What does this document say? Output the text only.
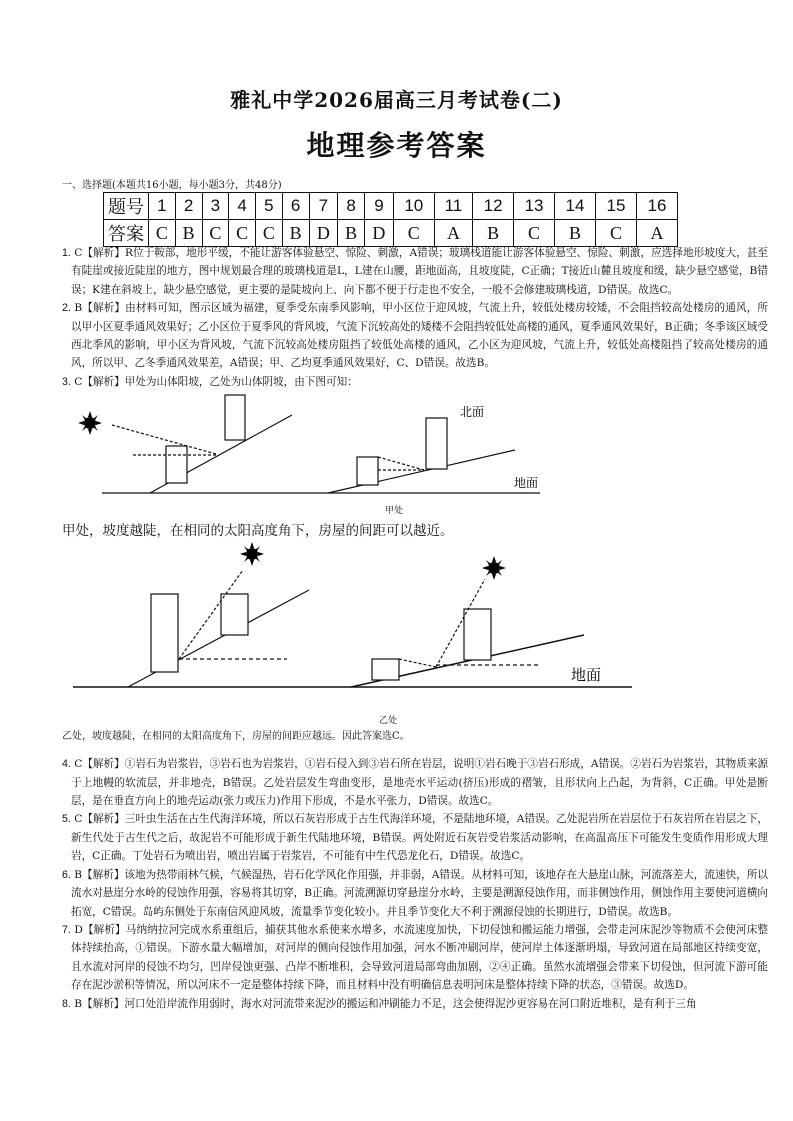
雅礼中学2026届高三月考试卷(二)
地理参考答案
一、选择题(本题共16小题，每小题3分，共48分)
题号	1	2	3	4	5	6	7	8	9	10	11	12	13	14	15	16
答案	C	B	C	C	C	B	D	B	D	C	A	B	C	B	C	A
1. C【解析】R位于鞍部，地形平缓，不能让游客体验悬空、惊险、刺激，A错误；玻璃栈道能让游客体验悬空、惊险、刺激，应选择地形坡度大，甚至有陡崖或接近陡崖的地方，图中规划最合理的玻璃栈道是L，L建在山腰，距地面高，且坡度陡，C正确；T接近山麓且坡度和缓，缺少悬空感觉，B错误；K建在斜坡上，缺少悬空感觉，更主要的是陡坡向上、向下都不便于行走也不安全，一般不会修建玻璃栈道，D错误。故选C。
2. B【解析】由材料可知，图示区域为福建，夏季受东南季风影响，甲小区位于迎风坡，气流上升，较低处楼房较矮，不会阻挡较高处楼房的通风，所以甲小区夏季通风效果好；乙小区位于夏季风的背风坡，气流下沉较高处的矮楼不会阻挡较低处高楼的通风，夏季通风效果好，B正确；冬季该区域受西北季风的影响，甲小区为背风坡，气流下沉较高处楼房阻挡了较低处高楼的通风，乙小区为迎风坡，气流上升，较低处高楼阻挡了较高处楼房的通风，所以甲、乙冬季通风效果差，A错误；甲、乙均夏季通风效果好，C、D错误。故选B。
3. C【解析】甲处为山体阳坡，乙处为山体阴坡，由下图可知：
北面
地面
地面
甲处
甲处，坡度越陡，在相同的太阳高度角下，房屋的间距可以越近。
乙处
乙处，坡度越陡，在相同的太阳高度角下，房屋的间距应越远。因此答案选C。
4. C【解析】①岩石为岩浆岩，③岩石也为岩浆岩，①岩石侵入到③岩石所在岩层，说明①岩石晚于③岩石形成，A错误。②岩石为岩浆岩，其物质来源于上地幔的软流层，并非地壳，B错误。乙处岩层发生弯曲变形，是地壳水平运动(挤压)形成的褶皱，且形状向上凸起，为背斜，C正确。甲处是断层，是在垂直方向上的地壳运动(张力或压力)作用下形成，不是水平张力，D错误。故选C。
5. C【解析】三叶虫生活在古生代海洋环境，所以石灰岩形成于古生代海洋环境，不是陆地环境，A错误。乙处泥岩所在岩层位于石灰岩所在岩层之下，新生代处于古生代之后，故泥岩不可能形成于新生代陆地环境，B错误。两处附近石灰岩受岩浆活动影响，在高温高压下可能发生变质作用形成大理岩，C正确。丁处岩石为喷出岩，喷出岩属于岩浆岩，不可能有中生代恐龙化石，D错误。故选C。
6. B【解析】该地为热带雨林气候，气候湿热，岩石化学风化作用强，并非弱，A错误。从材料可知，该地存在大悬崖山脉，河流落差大，流速快，所以流水对悬崖分水岭的侵蚀作用强，容易将其切穿，B正确。河流溯源切穿悬崖分水岭，主要是溯源侵蚀作用，而非侧蚀作用，侧蚀作用主要使河道横向拓宽，C错误。岛屿东侧处于东南信风迎风坡，流量季节变化较小。并且季节变化大不利于溯源侵蚀的长期进行，D错误。故选B。
7. D【解析】马纳纳拉河完成水系重组后，捕获其他水系使来水增多，水流速度加快，下切侵蚀和搬运能力增强，会带走河床泥沙等物质不会使河床整体持续抬高，①错误。下游水量大幅增加，对河岸的侧向侵蚀作用加强，河水不断冲刷河岸，使河岸土体逐渐坍塌，导致河道在局部地区持续变宽，且水流对河岸的侵蚀不均匀，凹岸侵蚀更强、凸岸不断堆积，会导致河道局部弯曲加剧，②④正确。虽然水流增强会带来下切侵蚀，但河流下游可能存在泥沙淤积等情况，所以河床不一定是整体持续下降，而且材料中没有明确信息表明河床是整体持续下降的状态，③错误。故选D。
8. B【解析】河口处沿岸流作用弱时，海水对河流带来泥沙的搬运和冲刷能力不足，这会使得泥沙更容易在河口附近堆积，是有利于三角
